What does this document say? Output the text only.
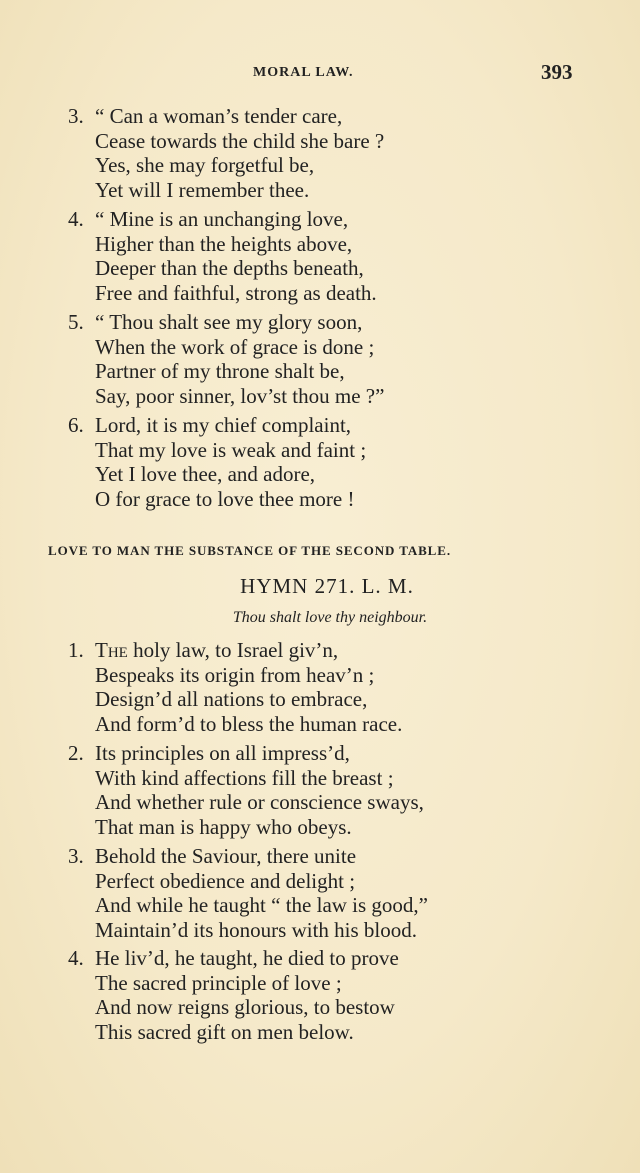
MORAL LAW.	393
3. “ Can a woman’s tender care,
Cease towards the child she bare ?
Yes, she may forgetful be,
Yet will I remember thee.
4. “ Mine is an unchanging love,
Higher than the heights above,
Deeper than the depths beneath,
Free and faithful, strong as death.
5. “ Thou shalt see my glory soon,
When the work of grace is done ;
Partner of my throne shalt be,
Say, poor sinner, lov’st thou me ?”
6. Lord, it is my chief complaint,
That my love is weak and faint ;
Yet I love thee, and adore,
O for grace to love thee more !
LOVE TO MAN THE SUBSTANCE OF THE SECOND TABLE.
HYMN 271. L. M.
Thou shalt love thy neighbour.
1. The holy law, to Israel giv’n,
Bespeaks its origin from heav’n ;
Design’d all nations to embrace,
And form’d to bless the human race.
2. Its principles on all impress’d,
With kind affections fill the breast ;
And whether rule or conscience sways,
That man is happy who obeys.
3. Behold the Saviour, there unite
Perfect obedience and delight ;
And while he taught “ the law is good,”
Maintain’d its honours with his blood.
4. He liv’d, he taught, he died to prove
The sacred principle of love ;
And now reigns glorious, to bestow
This sacred gift on men below.
